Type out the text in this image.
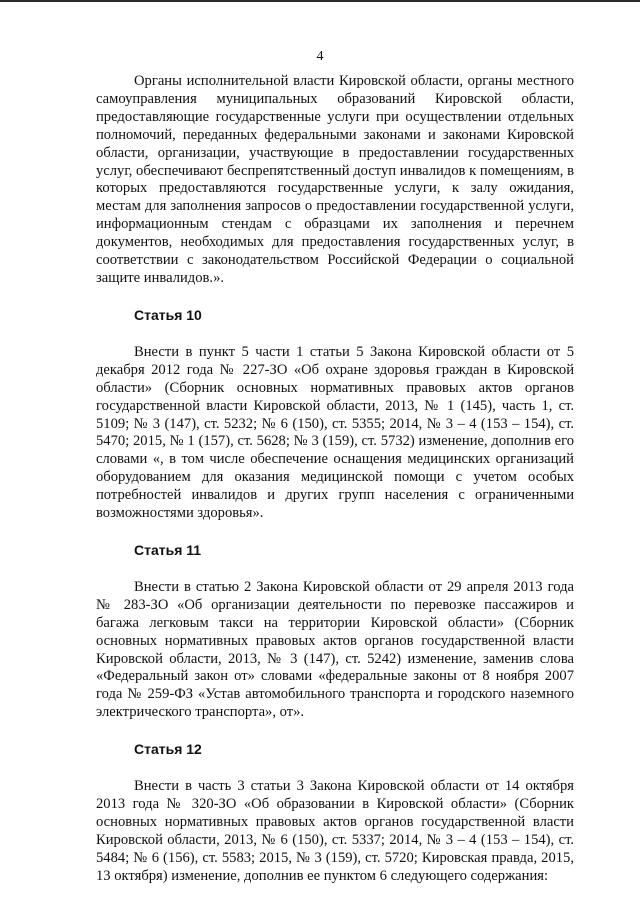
4

Органы исполнительной власти Кировской области, органы местного самоуправления муниципальных образований Кировской области, предоставляющие государственные услуги при осуществлении отдельных полномочий, переданных федеральными законами и законами Кировской области, организации, участвующие в предоставлении государственных услуг, обеспечивают беспрепятственный доступ инвалидов к помещениям, в которых предоставляются государственные услуги, к залу ожидания, местам для заполнения запросов о предоставлении государственной услуги, информационным стендам с образцами их заполнения и перечнем документов, необходимых для предоставления государственных услуг, в соответствии с законодательством Российской Федерации о социальной защите инвалидов.».

Статья 10

Внести в пункт 5 части 1 статьи 5 Закона Кировской области от 5 декабря 2012 года № 227-ЗО «Об охране здоровья граждан в Кировской области» (Сборник основных нормативных правовых актов органов государственной власти Кировской области, 2013, № 1 (145), часть 1, ст. 5109; № 3 (147), ст. 5232; № 6 (150), ст. 5355; 2014, № 3 – 4 (153 – 154), ст. 5470; 2015, № 1 (157), ст. 5628; № 3 (159), ст. 5732) изменение, дополнив его словами «, в том числе обеспечение оснащения медицинских организаций оборудованием для оказания медицинской помощи с учетом особых потребностей инвалидов и других групп населения с ограниченными возможностями здоровья».

Статья 11

Внести в статью 2 Закона Кировской области от 29 апреля 2013 года № 283-ЗО «Об организации деятельности по перевозке пассажиров и багажа легковым такси на территории Кировской области» (Сборник основных нормативных правовых актов органов государственной власти Кировской области, 2013, № 3 (147), ст. 5242) изменение, заменив слова «Федеральный закон от» словами «федеральные законы от 8 ноября 2007 года № 259-ФЗ «Устав автомобильного транспорта и городского наземного электрического транспорта», от».

Статья 12

Внести в часть 3 статьи 3 Закона Кировской области от 14 октября 2013 года № 320-ЗО «Об образовании в Кировской области» (Сборник основных нормативных правовых актов органов государственной власти Кировской области, 2013, № 6 (150), ст. 5337; 2014, № 3 – 4 (153 – 154), ст. 5484; № 6 (156), ст. 5583; 2015, № 3 (159), ст. 5720; Кировская правда, 2015, 13 октября) изменение, дополнив ее пунктом 6 следующего содержания:
